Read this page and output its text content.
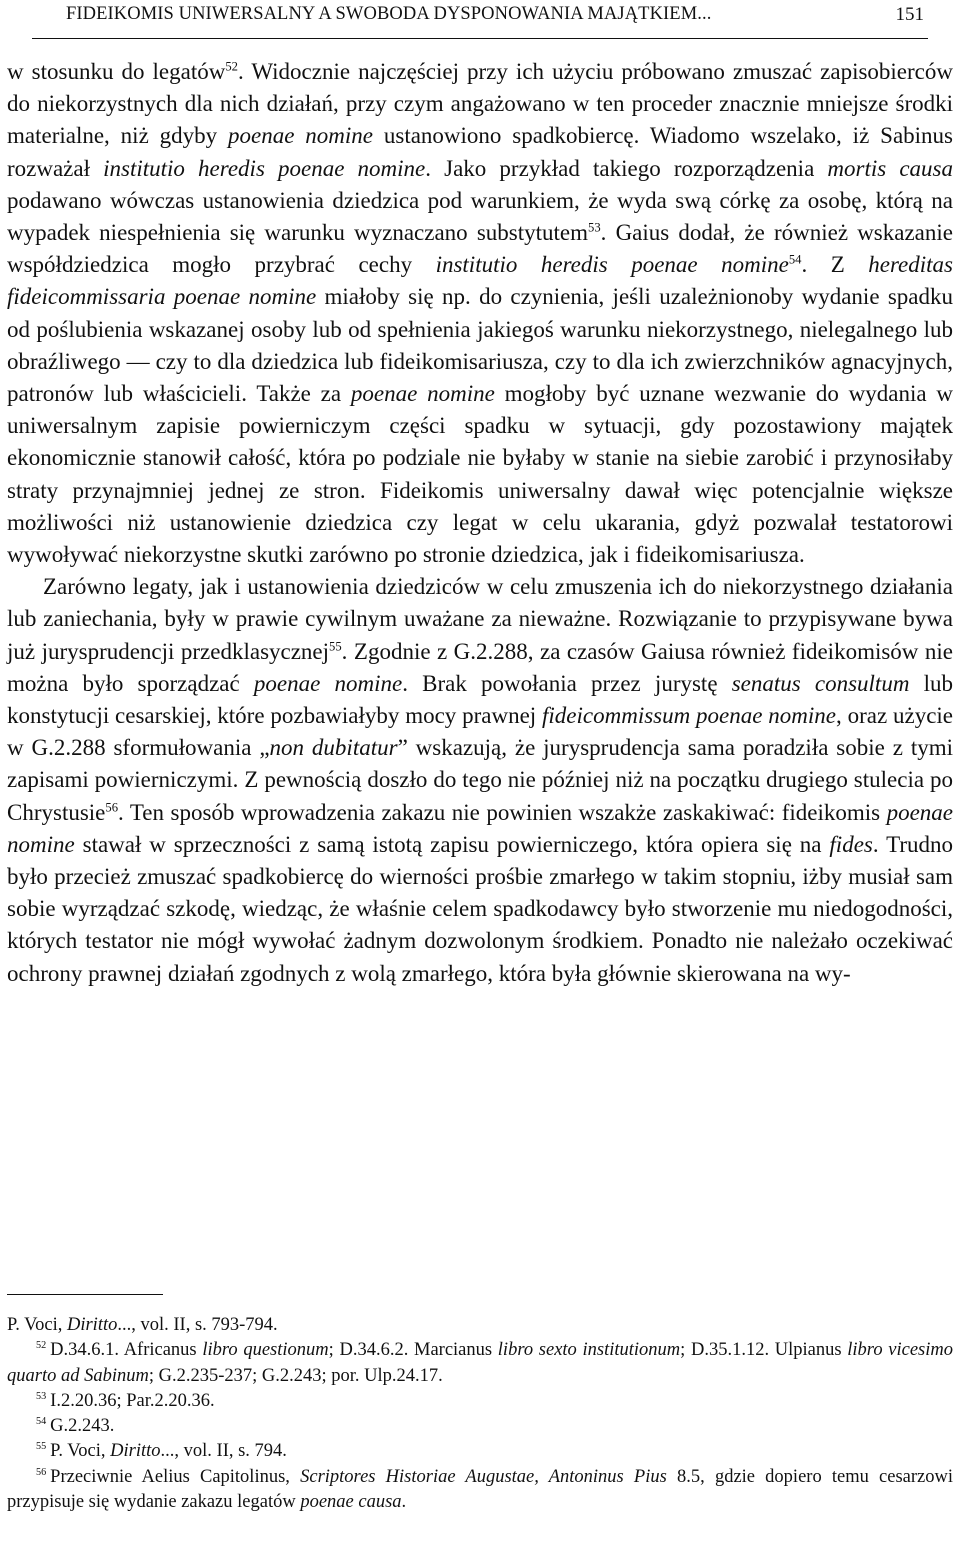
FIDEIKOMIS UNIWERSALNY A SWOBODA DYSPONOWANIA MAJĄTKIEM...	151

w stosunku do legatów$^{52}$. Widocznie najczęściej przy ich użyciu próbowano zmuszać zapisobierców do niekorzystnych dla nich działań, przy czym angażowano w ten proceder znacznie mniejsze środki materialne, niż gdyby poenae nomine ustanowiono spadkobiercę. Wiadomo wszelako, iż Sabinus rozważał institutio heredis poenae nomine. Jako przykład takiego rozporządzenia mortis causa podawano wówczas ustanowienia dziedzica pod warunkiem, że wyda swą córkę za osobę, którą na wypadek niespełnienia się warunku wyznaczano substytutem$^{53}$. Gaius dodał, że również wskazanie współdziedzica mogło przybrać cechy institutio heredis poenae nomine$^{54}$. Z hereditas fideicommissaria poenae nomine miałoby się np. do czynienia, jeśli uzależnionoby wydanie spadku od poślubienia wskazanej osoby lub od spełnienia jakiegoś warunku niekorzystnego, nielegalnego lub obraźliwego — czy to dla dziedzica lub fideikomisariusza, czy to dla ich zwierzchników agnacyjnych, patronów lub właścicieli. Także za poenae nomine mogłoby być uznane wezwanie do wydania w uniwersalnym zapisie powierniczym części spadku w sytuacji, gdy pozostawiony majątek ekonomicznie stanowił całość, która po podziale nie byłaby w stanie na siebie zarobić i przynosiłaby straty przynajmniej jednej ze stron. Fideikomis uniwersalny dawał więc potencjalnie większe możliwości niż ustanowienie dziedzica czy legat w celu ukarania, gdyż pozwalał testatorowi wywoływać niekorzystne skutki zarówno po stronie dziedzica, jak i fideikomisariusza.

Zarówno legaty, jak i ustanowienia dziedziców w celu zmuszenia ich do niekorzystnego działania lub zaniechania, były w prawie cywilnym uważane za nieważne. Rozwiązanie to przypisywane bywa już jurysprudencji przedklasycznej$^{55}$. Zgodnie z G.2.288, za czasów Gaiusa również fideikomisów nie można było sporządzać poenae nomine. Brak powołania przez jurystę senatus consultum lub konstytucji cesarskiej, które pozbawiałyby mocy prawnej fideicommissum poenae nomine, oraz użycie w G.2.288 sformułowania „non dubitatur” wskazują, że jurysprudencja sama poradziła sobie z tymi zapisami powierniczymi. Z pewnością doszło do tego nie później niż na początku drugiego stulecia po Chrystusie$^{56}$. Ten sposób wprowadzenia zakazu nie powinien wszakże zaskakiwać: fideikomis poenae nomine stawał w sprzeczności z samą istotą zapisu powierniczego, która opiera się na fides. Trudno było przecież zmuszać spadkobiercę do wierności prośbie zmarłego w takim stopniu, iżby musiał sam sobie wyrządzać szkodę, wiedząc, że właśnie celem spadkodawcy było stworzenie mu niedogodności, których testator nie mógł wywołać żadnym dozwolonym środkiem. Ponadto nie należało oczekiwać ochrony prawnej działań zgodnych z wolą zmarłego, która była głównie skierowana na wy-

P. Voci, Diritto..., vol. II, s. 793-794.

$^{52}$ D.34.6.1. Africanus libro questionum; D.34.6.2. Marcianus libro sexto institutionum; D.35.1.12. Ulpianus libro vicesimo quarto ad Sabinum; G.2.235-237; G.2.243; por. Ulp.24.17.

$^{53}$ I.2.20.36; Par.2.20.36.

$^{54}$ G.2.243.

$^{55}$ P. Voci, Diritto..., vol. II, s. 794.

$^{56}$ Przeciwnie Aelius Capitolinus, Scriptores Historiae Augustae, Antoninus Pius 8.5, gdzie dopiero temu cesarzowi przypisuje się wydanie zakazu legatów poenae causa.
